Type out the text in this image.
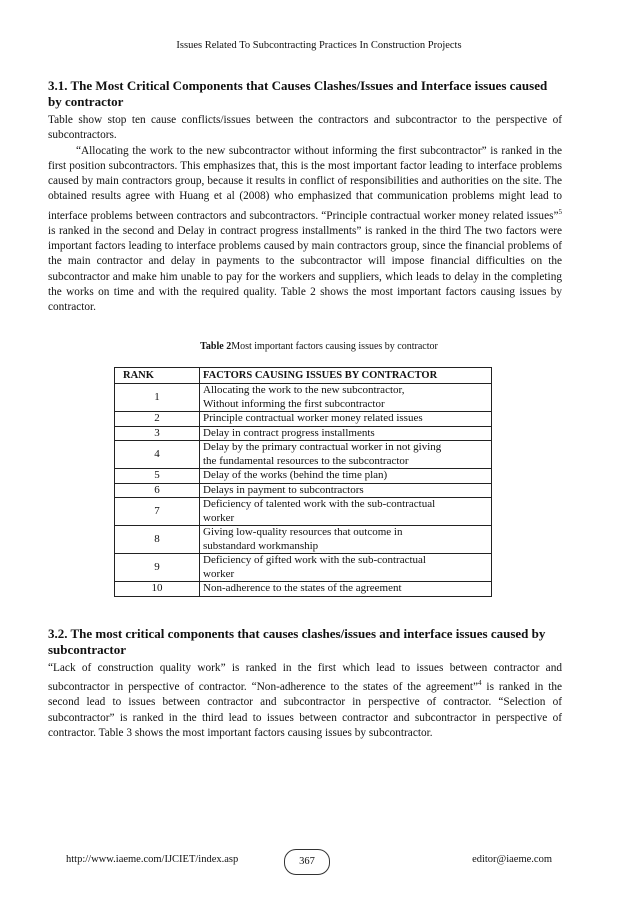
Issues Related To Subcontracting Practices In Construction Projects
3.1. The Most Critical Components that Causes Clashes/Issues and Interface issues caused by contractor

Table show stop ten cause conflicts/issues between the contractors and subcontractor to the perspective of subcontractors.

“Allocating the work to the new subcontractor without informing the first subcontractor” is ranked in the first position subcontractors. This emphasizes that, this is the most important factor leading to interface problems caused by main contractors group, because it results in conflict of responsibilities and authorities on the site. The obtained results agree with Huang et al (2008) who emphasized that communication problems might lead to interface problems between contractors and subcontractors. “Principle contractual worker money related issues”$^5$ is ranked in the second and Delay in contract progress installments” is ranked in the third The two factors were important factors leading to interface problems caused by main contractors group, since the financial problems of the main contractor and delay in payments to the subcontractor will impose financial difficulties on the subcontractor and make him unable to pay for the workers and suppliers, which leads to delay in the completing the works on time and with the required quality. Table 2 shows the most important factors causing issues by contractor.

Table 2Most important factors causing issues by contractor
RANK	FACTORS CAUSING ISSUES BY CONTRACTOR
1	Allocating the work to the new subcontractor,
Without informing the first subcontractor

2	Principle contractual worker money related issues
3	Delay in contract progress installments
4	Delay by the primary contractual worker in not giving
the fundamental resources to the subcontractor

5	Delay of the works (behind the time plan)
6	Delays in payment to subcontractors
7	Deficiency of talented work with the sub-contractual
worker

8	Giving low-quality resources that outcome in
substandard workmanship

9	Deficiency of gifted work with the sub-contractual
worker

10	Non-adherence to the states of the agreement
3.2. The most critical components that causes clashes/issues and interface issues caused by subcontractor

“Lack of construction quality work” is ranked in the first which lead to issues between contractor and subcontractor in perspective of contractor. “Non-adherence to the states of the agreement”$^4$ is ranked in the second lead to issues between contractor and subcontractor in perspective of contractor. “Selection of subcontractor” is ranked in the third lead to issues between contractor and subcontractor in perspective of contractor. Table 3 shows the most important factors causing issues by subcontractor.

http://www.iaeme.com/IJCIET/index.asp	367	editor@iaeme.com
